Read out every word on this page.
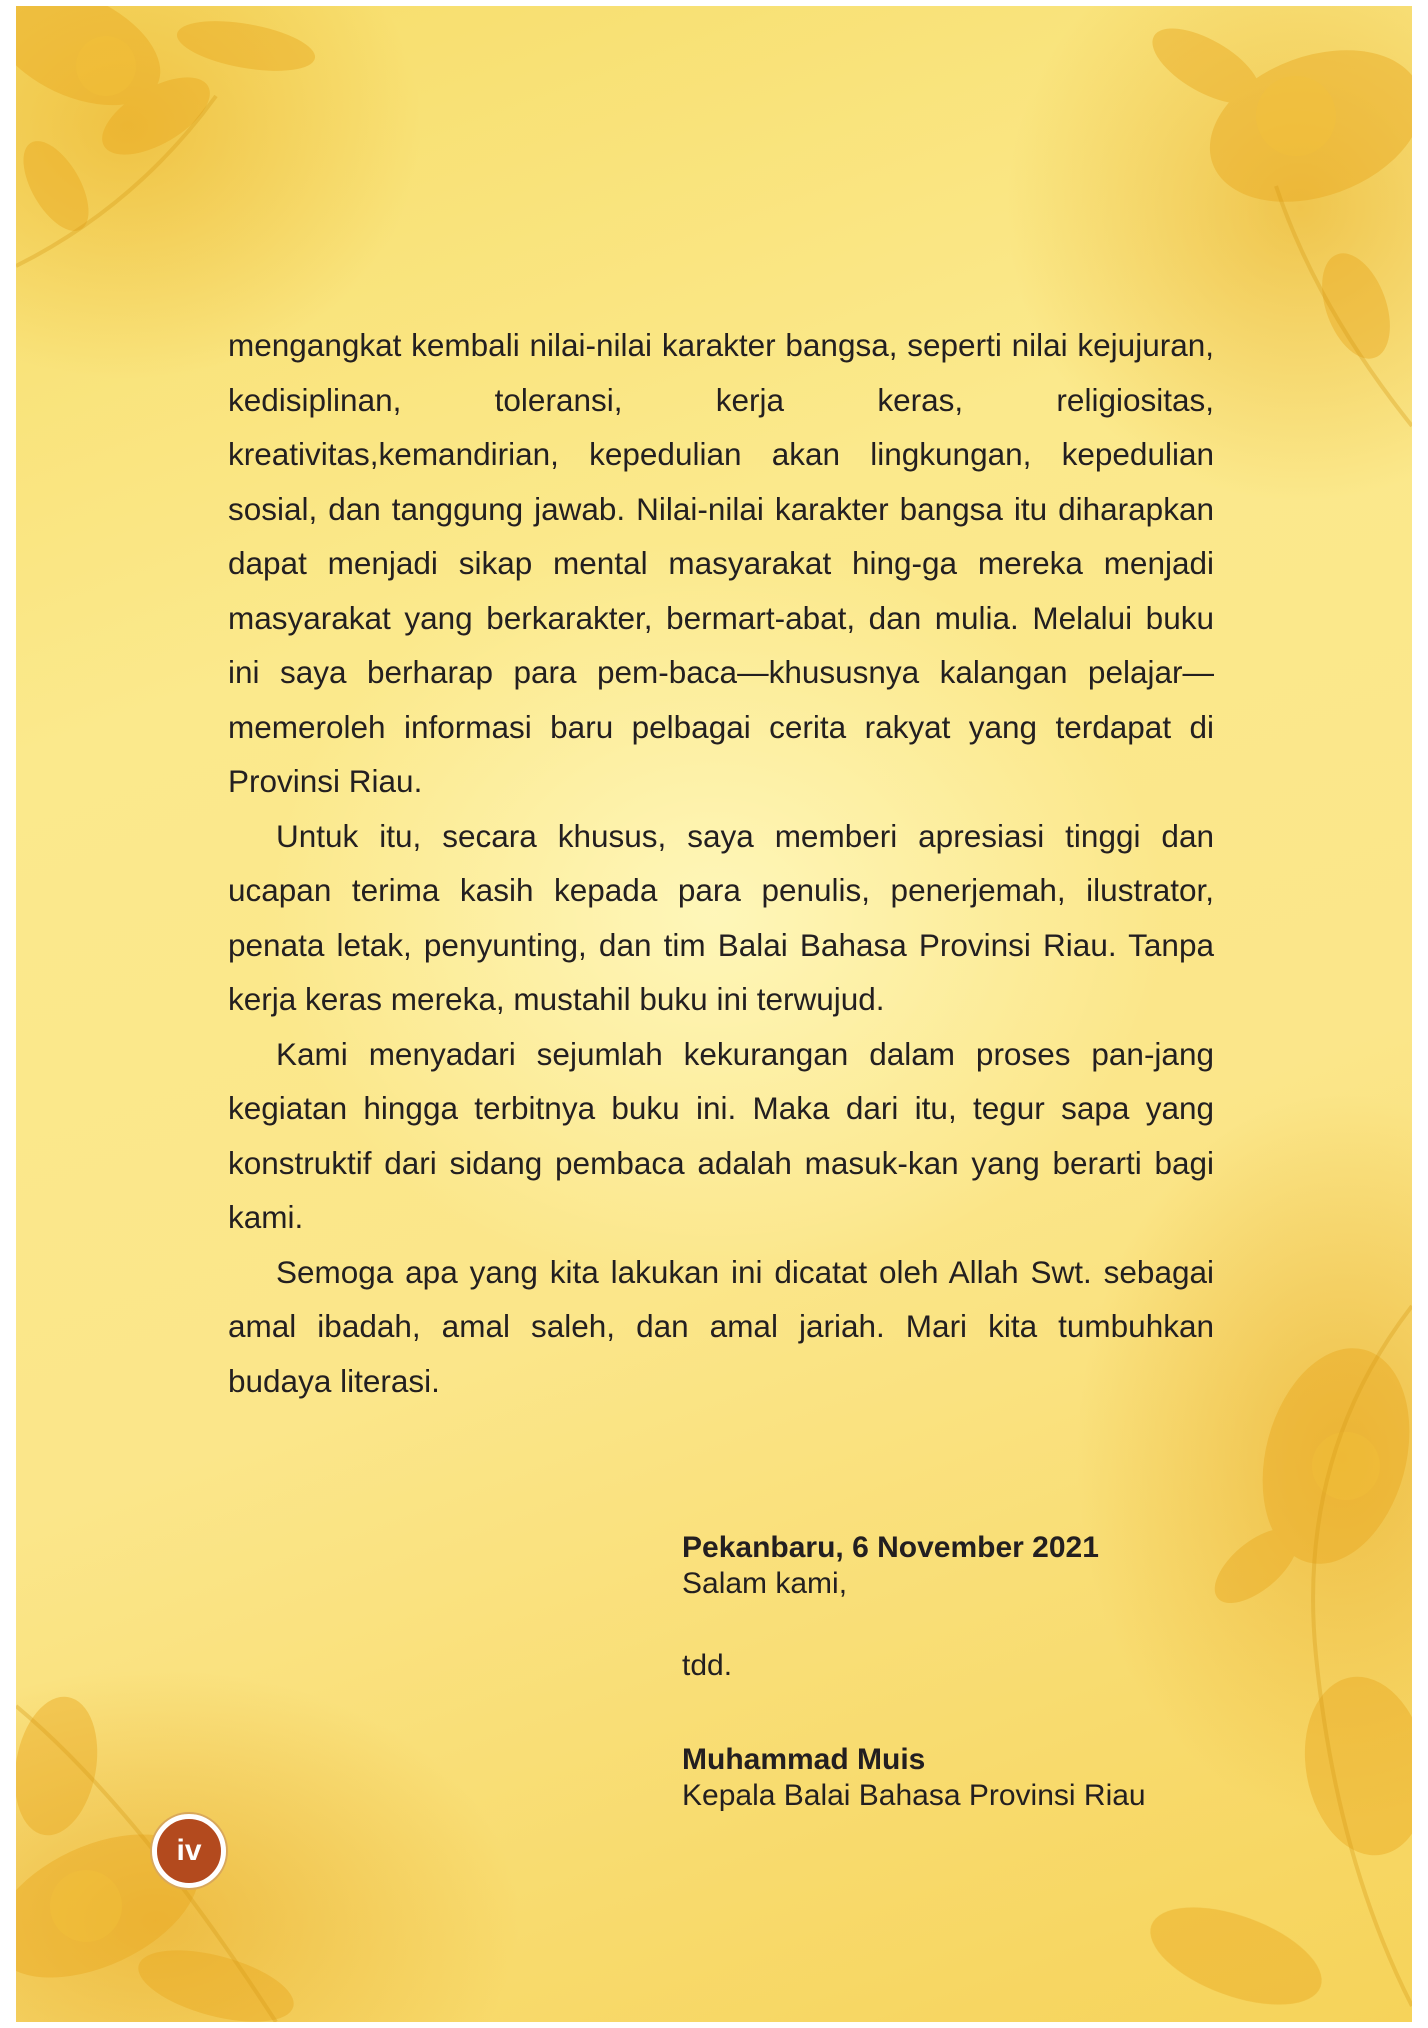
mengangkat kembali nilai-nilai karakter bangsa, seperti nilai kejujuran, kedisiplinan, toleransi, kerja keras, religiositas, kreativitas,kemandirian, kepedulian akan lingkungan, kepedulian sosial, dan tanggung jawab. Nilai-nilai karakter bangsa itu diharapkan dapat menjadi sikap mental masyarakat hing-ga mereka menjadi masyarakat yang berkarakter, bermart-abat, dan mulia. Melalui buku ini saya berharap para pem-baca—khususnya kalangan pelajar—memeroleh informasi baru pelbagai cerita rakyat yang terdapat di Provinsi Riau.

Untuk itu, secara khusus, saya memberi apresiasi tinggi dan ucapan terima kasih kepada para penulis, penerjemah, ilustrator, penata letak, penyunting, dan tim Balai Bahasa Provinsi Riau. Tanpa kerja keras mereka, mustahil buku ini terwujud.

Kami menyadari sejumlah kekurangan dalam proses pan-jang kegiatan hingga terbitnya buku ini. Maka dari itu, tegur sapa yang konstruktif dari sidang pembaca adalah masuk-kan yang berarti bagi kami.

Semoga apa yang kita lakukan ini dicatat oleh Allah Swt. sebagai amal ibadah, amal saleh, dan amal jariah. Mari kita tumbuhkan budaya literasi.

Pekanbaru, 6 November 2021
Salam kami,
tdd.
Muhammad Muis
Kepala Balai Bahasa Provinsi Riau
iv
